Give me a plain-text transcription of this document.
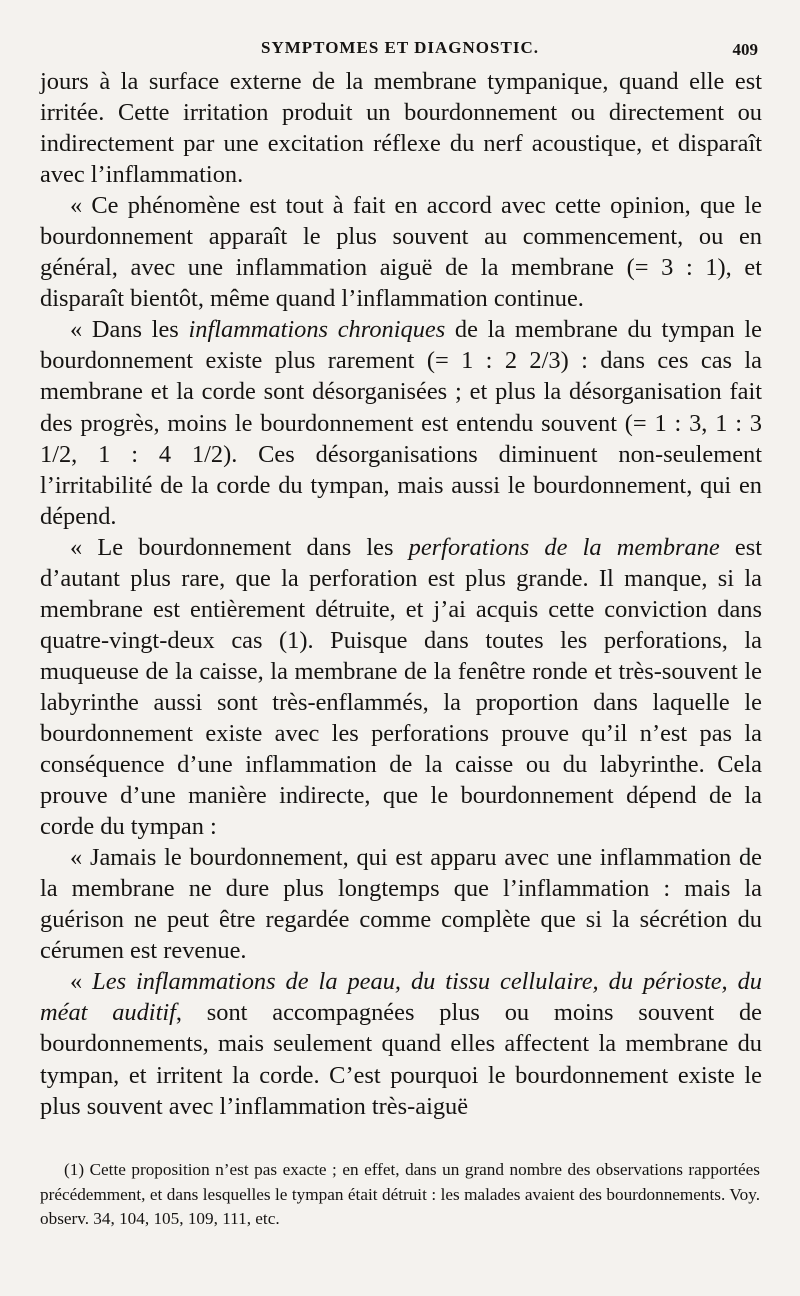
SYMPTOMES ET DIAGNOSTIC.	409

jours à la surface externe de la membrane tympanique, quand elle est irritée. Cette irritation produit un bourdonnement ou directement ou indirectement par une excitation réflexe du nerf acoustique, et disparaît avec l’inflammation.

« Ce phénomène est tout à fait en accord avec cette opinion, que le bourdonnement apparaît le plus souvent au commencement, ou en général, avec une inflammation aiguë de la membrane (= 3 : 1), et disparaît bientôt, même quand l’inflammation continue.

« Dans les inflammations chroniques de la membrane du tympan le bourdonnement existe plus rarement (= 1 : 2 2/3) : dans ces cas la membrane et la corde sont désorganisées ; et plus la désorganisation fait des progrès, moins le bourdonnement est entendu souvent (= 1 : 3, 1 : 3 1/2, 1 : 4 1/2). Ces désorganisations diminuent non-seulement l’irritabilité de la corde du tympan, mais aussi le bourdonnement, qui en dépend.

« Le bourdonnement dans les perforations de la membrane est d’autant plus rare, que la perforation est plus grande. Il manque, si la membrane est entièrement détruite, et j’ai acquis cette conviction dans quatre-vingt-deux cas (1). Puisque dans toutes les perforations, la muqueuse de la caisse, la membrane de la fenêtre ronde et très-souvent le labyrinthe aussi sont très-enflammés, la proportion dans laquelle le bourdonnement existe avec les perforations prouve qu’il n’est pas la conséquence d’une inflammation de la caisse ou du labyrinthe. Cela prouve d’une manière indirecte, que le bourdonnement dépend de la corde du tympan :

« Jamais le bourdonnement, qui est apparu avec une inflammation de la membrane ne dure plus longtemps que l’inflammation : mais la guérison ne peut être regardée comme complète que si la sécrétion du cérumen est revenue.

« Les inflammations de la peau, du tissu cellulaire, du périoste, du méat auditif, sont accompagnées plus ou moins souvent de bourdonnements, mais seulement quand elles affectent la membrane du tympan, et irritent la corde. C’est pourquoi le bourdonnement existe le plus souvent avec l’inflammation très-aiguë

(1) Cette proposition n’est pas exacte ; en effet, dans un grand nombre des observations rapportées précédemment, et dans lesquelles le tympan était détruit : les malades avaient des bourdonnements. Voy. observ. 34, 104, 105, 109, 111, etc.
